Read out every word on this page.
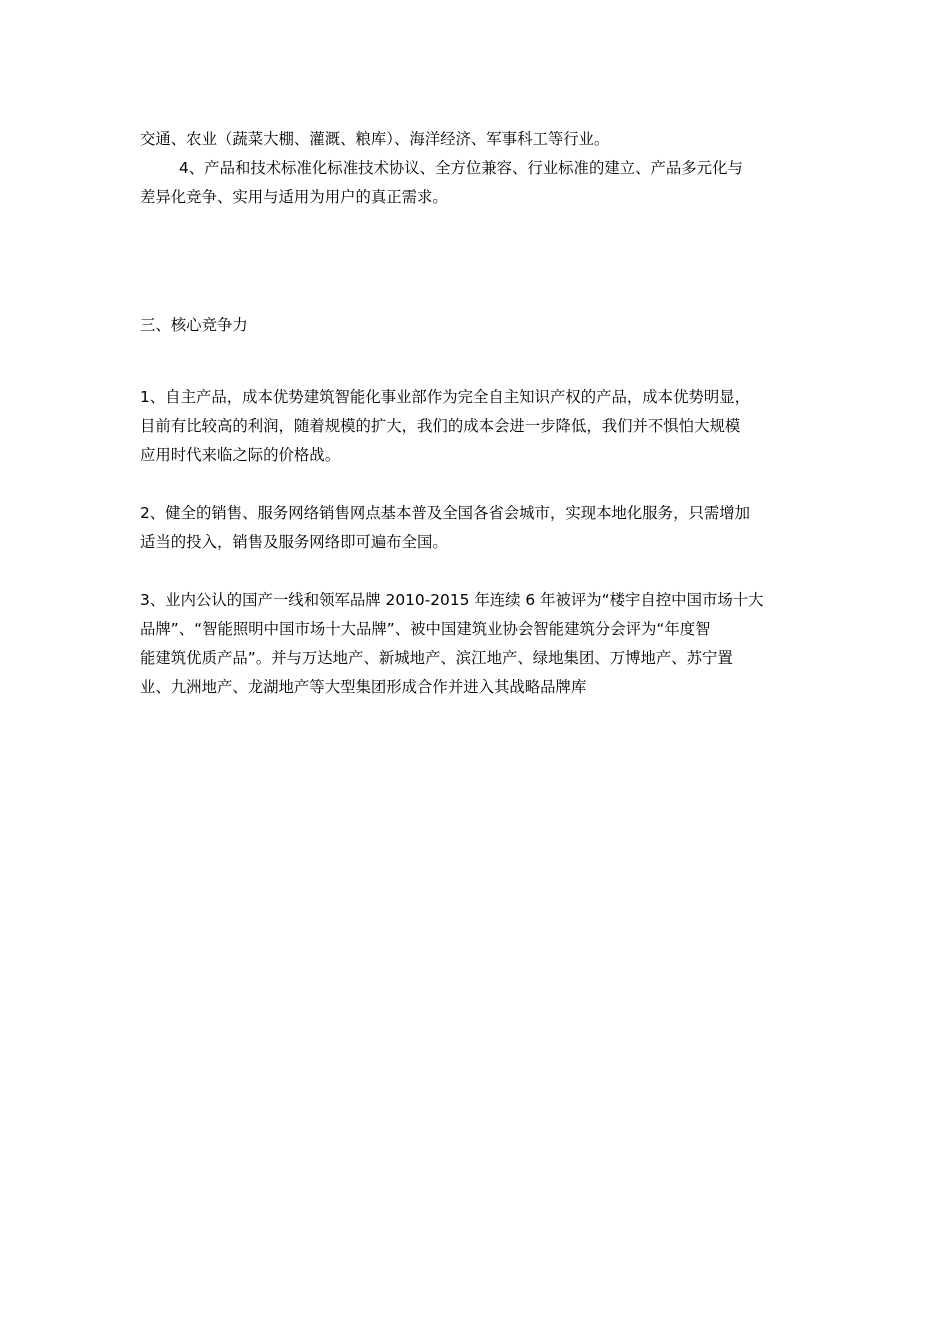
交通、农业（蔬菜大棚、灌溉、粮库）、海洋经济、军事科工等行业。
4、产品和技术标准化标准技术协议、全方位兼容、行业标准的建立、产品多元化与
差异化竞争、实用与适用为用户的真正需求。
三、核心竞争力
1、自主产品，成本优势建筑智能化事业部作为完全自主知识产权的产品，成本优势明显，
目前有比较高的利润，随着规模的扩大，我们的成本会进一步降低，我们并不惧怕大规模
应用时代来临之际的价格战。
2、健全的销售、服务网络销售网点基本普及全国各省会城市，实现本地化服务，只需增加
适当的投入，销售及服务网络即可遍布全国。
3、业内公认的国产一线和领军品牌 2010-2015 年连续 6 年被评为“楼宇自控中国市场十大
品牌”、“智能照明中国市场十大品牌”、被中国建筑业协会智能建筑分会评为“年度智
能建筑优质产品”。并与万达地产、新城地产、滨江地产、绿地集团、万博地产、苏宁置
业、九洲地产、龙湖地产等大型集团形成合作并进入其战略品牌库
